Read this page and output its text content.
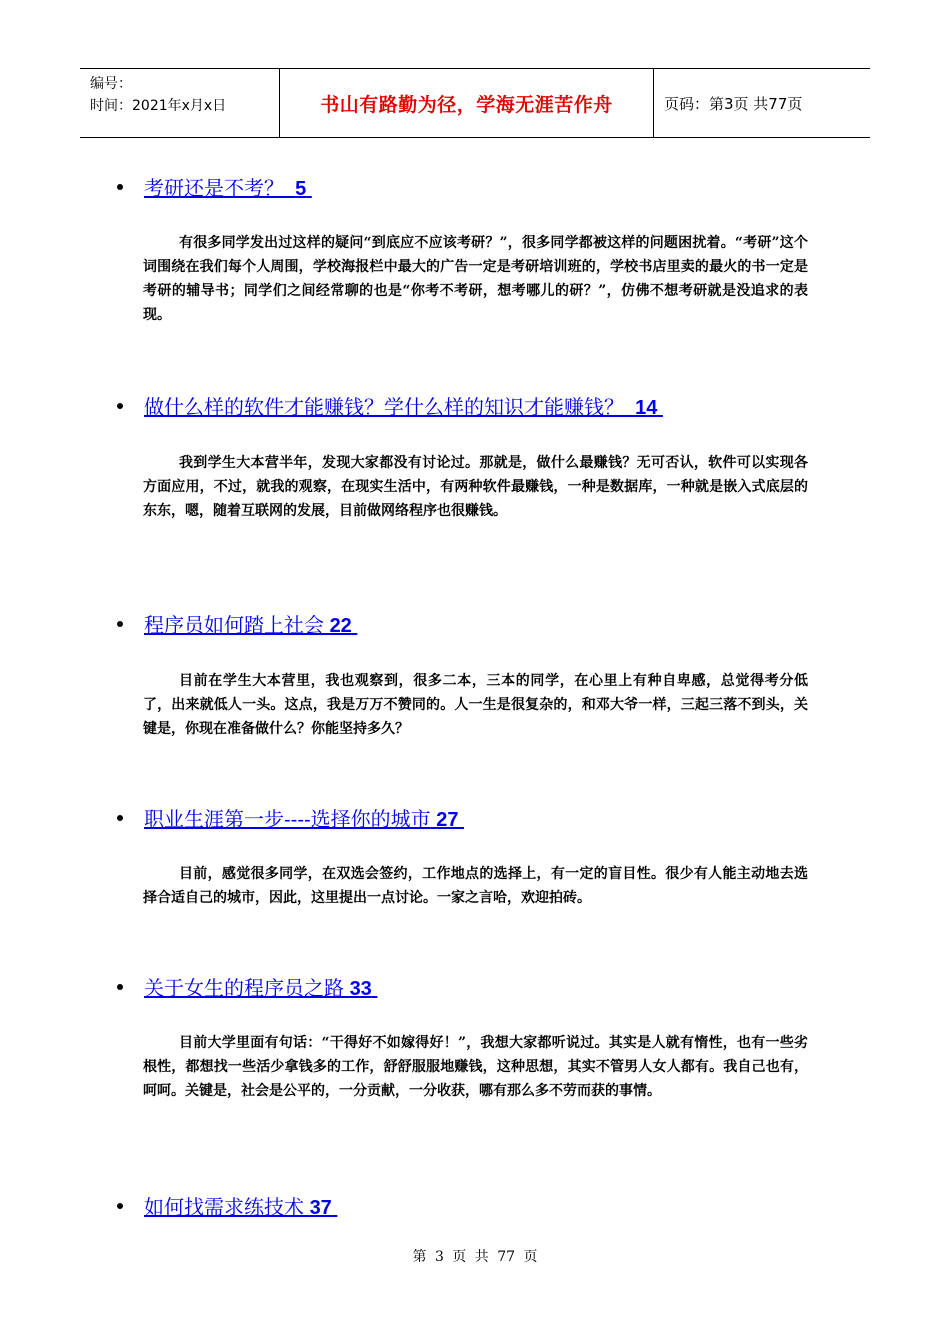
编号：
时间：2021年x月x日	书山有路勤为径，学海无涯苦作舟	页码：第3页 共77页
考研还是不考？ 5

有很多同学发出过这样的疑问“到底应不应该考研？”，很多同学都被这样的问题困扰着。“考研”这个词围绕在我们每个人周围，学校海报栏中最大的广告一定是考研培训班的，学校书店里卖的最火的书一定是考研的辅导书；同学们之间经常聊的也是“你考不考研，想考哪儿的研？”，仿佛不想考研就是没追求的表现。

做什么样的软件才能赚钱？学什么样的知识才能赚钱？ 14

我到学生大本营半年，发现大家都没有讨论过。那就是，做什么最赚钱？无可否认，软件可以实现各方面应用，不过，就我的观察，在现实生活中，有两种软件最赚钱，一种是数据库，一种就是嵌入式底层的东东，嗯，随着互联网的发展，目前做网络程序也很赚钱。

程序员如何踏上社会 22

目前在学生大本营里，我也观察到，很多二本，三本的同学，在心里上有种自卑感，总觉得考分低了，出来就低人一头。这点，我是万万不赞同的。人一生是很复杂的，和邓大爷一样，三起三落不到头，关键是，你现在准备做什么？你能坚持多久？

职业生涯第一步----选择你的城市 27

目前，感觉很多同学，在双选会签约，工作地点的选择上，有一定的盲目性。很少有人能主动地去选择合适自己的城市，因此，这里提出一点讨论。一家之言哈，欢迎拍砖。

关于女生的程序员之路 33

目前大学里面有句话：“干得好不如嫁得好！”，我想大家都听说过。其实是人就有惰性，也有一些劣根性，都想找一些活少拿钱多的工作，舒舒服服地赚钱，这种思想，其实不管男人女人都有。我自己也有，呵呵。关键是，社会是公平的，一分贡献，一分收获，哪有那么多不劳而获的事情。

如何找需求练技术 37
第 3 页 共 77 页
